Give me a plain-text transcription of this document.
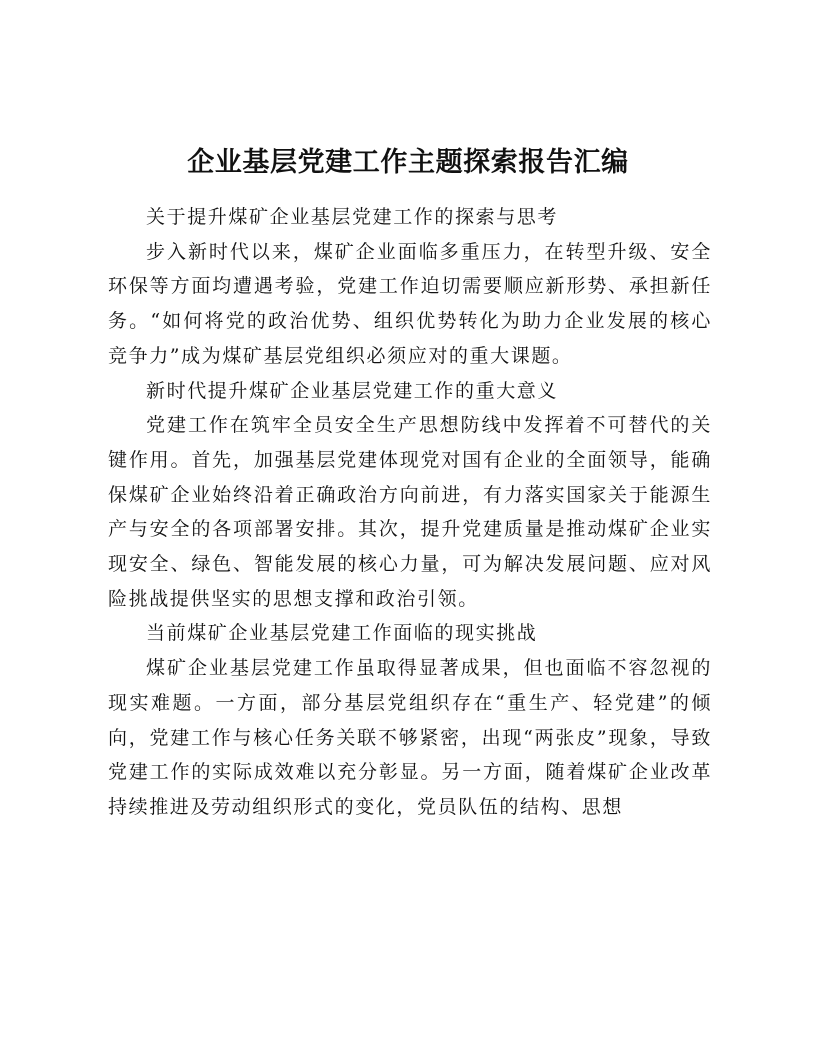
企业基层党建工作主题探索报告汇编

关于提升煤矿企业基层党建工作的探索与思考

步入新时代以来，煤矿企业面临多重压力，在转型升级、安全环保等方面均遭遇考验，党建工作迫切需要顺应新形势、承担新任务。“如何将党的政治优势、组织优势转化为助力企业发展的核心竞争力”成为煤矿基层党组织必须应对的重大课题。

新时代提升煤矿企业基层党建工作的重大意义

党建工作在筑牢全员安全生产思想防线中发挥着不可替代的关键作用。首先，加强基层党建体现党对国有企业的全面领导，能确保煤矿企业始终沿着正确政治方向前进，有力落实国家关于能源生产与安全的各项部署安排。其次，提升党建质量是推动煤矿企业实现安全、绿色、智能发展的核心力量，可为解决发展问题、应对风险挑战提供坚实的思想支撑和政治引领。

当前煤矿企业基层党建工作面临的现实挑战

煤矿企业基层党建工作虽取得显著成果，但也面临不容忽视的现实难题。一方面，部分基层党组织存在“重生产、轻党建”的倾向，党建工作与核心任务关联不够紧密，出现“两张皮”现象，导致党建工作的实际成效难以充分彰显。另一方面，随着煤矿企业改革持续推进及劳动组织形式的变化，党员队伍的结构、思想
